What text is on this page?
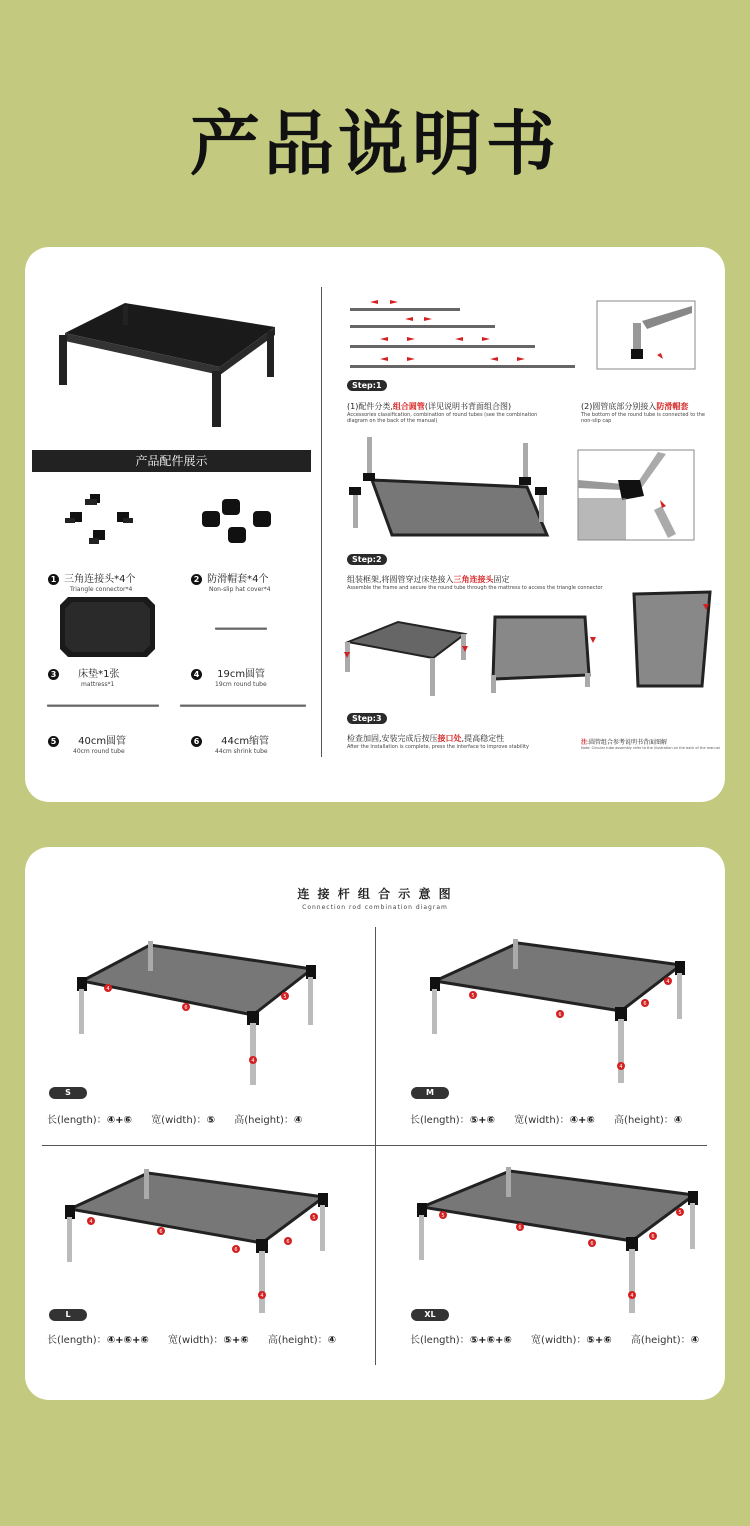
产品说明书
产品配件展示
1 三角连接头*4个
Triangle connector*4
2 防滑帽套*4个
Non-slip hat cover*4
3 床垫*1张
mattress*1
4 19cm圆管
19cm round tube
5 40cm圆管
40cm round tube
6 44cm缩管
44cm shrink tube
Step:1
(1)配件分类,组合圆管(详见说明书背面组合图)
Accessories classification, combination of round tubes (see the combination diagram on the back of the manual)
(2)圆管底部分别接入防滑帽套
The bottom of the round tube is connected to the non-slip cap
Step:2
组装框架,将圆管穿过床垫接入三角连接头固定
Assemble the frame and secure the round tube through the mattress to access the triangle connector
Step:3
检查加固,安装完成后按压接口处,提高稳定性
After the installation is complete, press the interface to improve stability
注:圆管组合参考说明书背面图解
Note: Circular tube assembly refer to the illustration on the back of the manual
连 接 杆 组 合 示 意 图
Connection rod combination diagram
4
6
5
4
S
长(length)：④+⑥ 宽(width)：⑤ 高(height)：④
5
6
6
4
4
M
长(length)：⑤+⑥ 宽(width)：④+⑥ 高(height)：④
4
6
6
6
5
4
L
长(length)：④+⑥+⑥ 宽(width)：⑤+⑥ 高(height)：④
5
6
6
6
5
4
XL
长(length)：⑤+⑥+⑥ 宽(width)：⑤+⑥ 高(height)：④
